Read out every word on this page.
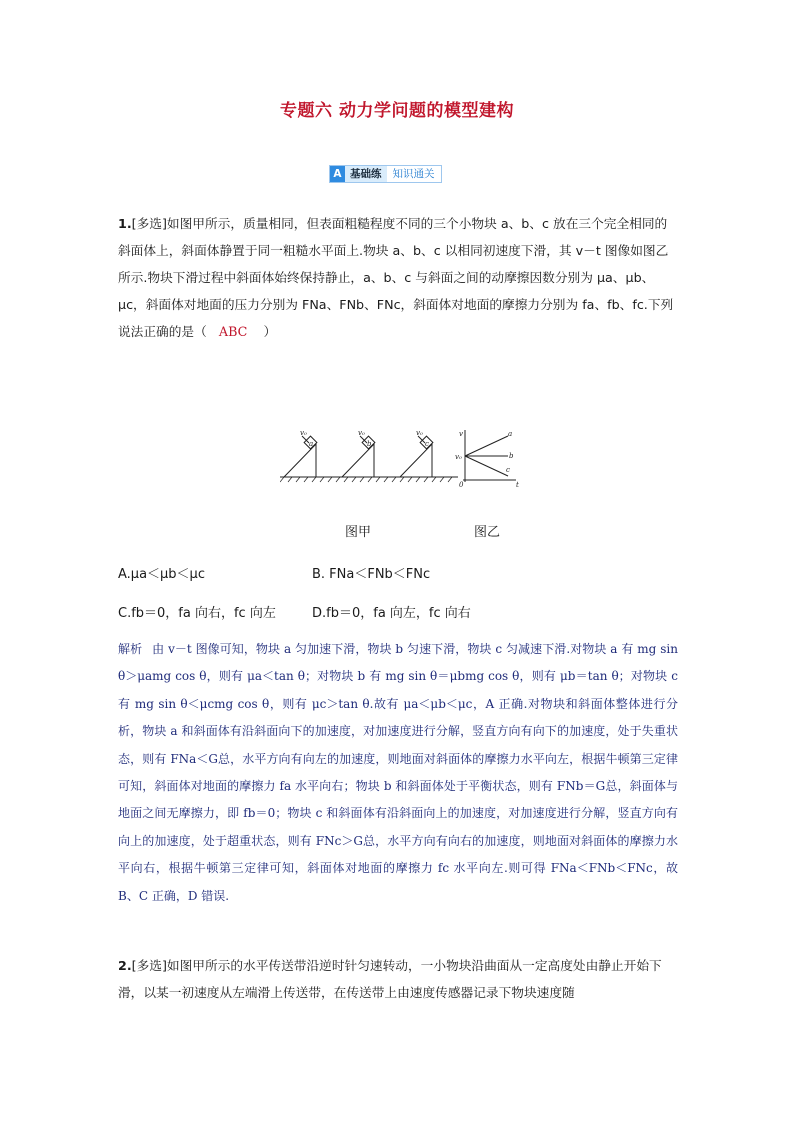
专题六 动力学问题的模型建构
A 基础练	知识通关

1.[多选]如图甲所示，质量相同，但表面粗糙程度不同的三个小物块 a、b、c 放在三个完全相同的斜面体上，斜面体静置于同一粗糙水平面上.物块 a、b、c 以相同初速度下滑，其 v－t 图像如图乙所示.物块下滑过程中斜面体始终保持静止，a、b、c 与斜面之间的动摩擦因数分别为 μa、μb、μc，斜面体对地面的压力分别为 FNa、FNb、FNc，斜面体对地面的摩擦力分别为 fa、fb、fc.下列说法正确的是（ ABC ）

v₀	v₀	v₀
a	b	c
v
v₀
a
b
c
t
0
图甲	图乙
A.μa＜μb＜μc	B. FNa＜FNb＜FNc
C.fb＝0，fa 向右，fc 向左	D.fb＝0，fa 向左，fc 向右
解析 由 v－t 图像可知，物块 a 匀加速下滑，物块 b 匀速下滑，物块 c 匀减速下滑.对物块 a 有 mg sin θ＞μamg cos θ，则有 μa＜tan θ；对物块 b 有 mg sin θ＝μbmg cos θ，则有 μb＝tan θ；对物块 c 有 mg sin θ＜μcmg cos θ，则有 μc＞tan θ.故有 μa＜μb＜μc，A 正确.对物块和斜面体整体进行分析，物块 a 和斜面体有沿斜面向下的加速度，对加速度进行分解，竖直方向有向下的加速度，处于失重状态，则有 FNa＜G总，水平方向有向左的加速度，则地面对斜面体的摩擦力水平向左，根据牛顿第三定律可知，斜面体对地面的摩擦力 fa 水平向右；物块 b 和斜面体处于平衡状态，则有 FNb＝G总，斜面体与地面之间无摩擦力，即 fb＝0；物块 c 和斜面体有沿斜面向上的加速度，对加速度进行分解，竖直方向有向上的加速度，处于超重状态，则有 FNc＞G总，水平方向有向右的加速度，则地面对斜面体的摩擦力水平向右，根据牛顿第三定律可知，斜面体对地面的摩擦力 fc 水平向左.则可得 FNa＜FNb＜FNc，故 B、C 正确，D 错误.

2.[多选]如图甲所示的水平传送带沿逆时针匀速转动，一小物块沿曲面从一定高度处由静止开始下滑，以某一初速度从左端滑上传送带，在传送带上由速度传感器记录下物块速度随
